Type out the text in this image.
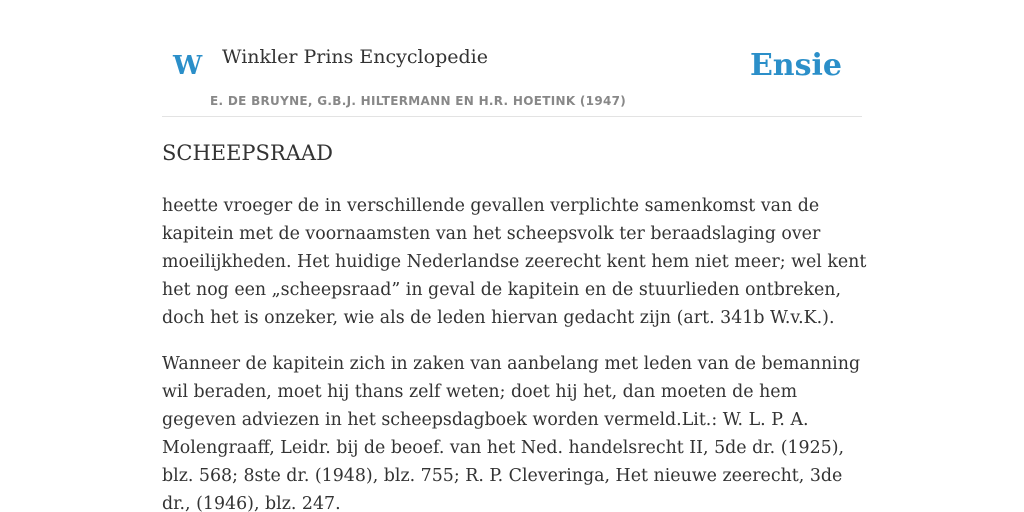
W Winkler Prins Encyclopedie
E. DE BRUYNE, G.B.J. HILTERMANN EN H.R. HOETINK (1947)
Ensie
SCHEEPSRAAD

heette vroeger de in verschillende gevallen verplichte samenkomst van de kapitein met de voornaamsten van het scheepsvolk ter beraadslaging over moeilijkheden. Het huidige Nederlandse zeerecht kent hem niet meer; wel kent het nog een „scheepsraad” in geval de kapitein en de stuurlieden ontbreken, doch het is onzeker, wie als de leden hiervan gedacht zijn (art. 341b W.v.K.).

Wanneer de kapitein zich in zaken van aanbelang met leden van de bemanning wil beraden, moet hij thans zelf weten; doet hij het, dan moeten de hem gegeven adviezen in het scheepsdagboek worden vermeld.Lit.: W. L. P. A. Molengraaff, Leidr. bij de beoef. van het Ned. handelsrecht II, 5de dr. (1925), blz. 568; 8ste dr. (1948), blz. 755; R. P. Cleveringa, Het nieuwe zeerecht, 3de dr., (1946), blz. 247.
